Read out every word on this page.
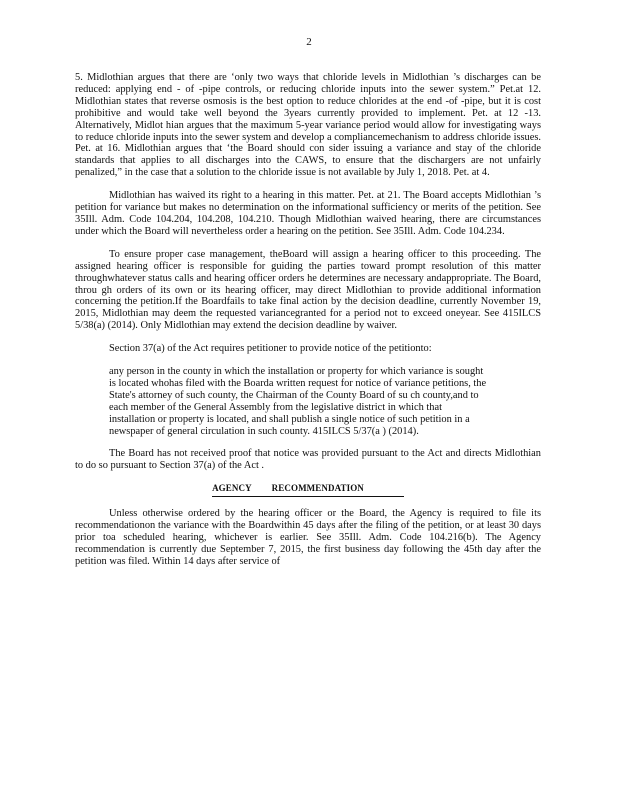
2

5. Midlothian argues that there are ‘only two ways that chloride levels in Midlothian ’s discharges can be reduced: applying end - of -pipe controls, or reducing chloride inputs into the sewer system.” Pet.at 12. Midlothian states that reverse osmosis is the best option to reduce chlorides at the end -of -pipe, but it is cost prohibitive and would take well beyond the 3years currently provided to implement. Pet. at 12 -13. Alternatively, Midlot hian argues that the maximum 5-year variance period would allow for investigating ways to reduce chloride inputs into the sewer system and develop a compliancemechanism to address chloride issues. Pet. at 16. Midlothian argues that ‘the Board should con sider issuing a variance and stay of the chloride standards that applies to all discharges into the CAWS, to ensure that the dischargers are not unfairly penalized,” in the case that a solution to the chloride issue is not available by July 1, 2018. Pet. at 4.

Midlothian has waived its right to a hearing in this matter. Pet. at 21. The Board accepts Midlothian ’s petition for variance but makes no determination on the informational sufficiency or merits of the petition. See 35Ill. Adm. Code 104.204, 104.208, 104.210. Though Midlothian waived hearing, there are circumstances under which the Board will nevertheless order a hearing on the petition. See 35Ill. Adm. Code 104.234.

To ensure proper case management, theBoard will assign a hearing officer to this proceeding. The assigned hearing officer is responsible for guiding the parties toward prompt resolution of this matter throughwhatever status calls and hearing officer orders he determines are necessary andappropriate. The Board, throu gh orders of its own or its hearing officer, may direct Midlothian to provide additional information concerning the petition.If the Boardfails to take final action by the decision deadline, currently November 19, 2015, Midlothian may deem the requested variancegranted for a period not to exceed oneyear. See 415ILCS 5/38(a) (2014). Only Midlothian may extend the decision deadline by waiver.

Section 37(a) of the Act requires petitioner to provide notice of the petitionto:

any person in the county in which the installation or property for which variance is sought is located whohas filed with the Boarda written request for notice of variance petitions, the State's attorney of such county, the Chairman of the County Board of su ch county,and to each member of the General Assembly from the legislative district in which that installation or property is located, and shall publish a single notice of such petition in a newspaper of general circulation in such county. 415ILCS 5/37(a ) (2014).

The Board has not received proof that notice was provided pursuant to the Act and directs Midlothian to do so pursuant to Section 37(a) of the Act .

AGENCY RECOMMENDATION

Unless otherwise ordered by the hearing officer or the Board, the Agency is required to file its recommendationon the variance with the Boardwithin 45 days after the filing of the petition, or at least 30 days prior toa scheduled hearing, whichever is earlier. See 35Ill. Adm. Code 104.216(b). The Agency recommendation is currently due September 7, 2015, the first business day following the 45th day after the petition was filed. Within 14 days after service of
